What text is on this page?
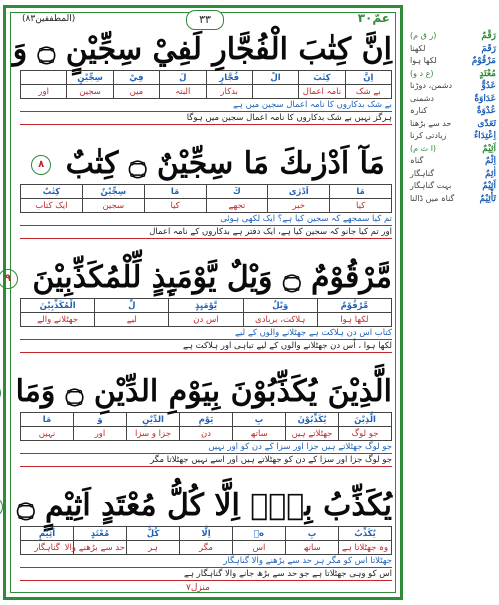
(المطففين٨٣)	٣٣	عمّ٣٠
اِنَّ كِتٰبَ الْفُجَّارِ لَفِيْ سِجِّيْنٍ ۝ وَ
اِنَّ	كِتٰبَ	الْ	فُجَّارِ	لَ	فِيْ	سِجِّيْنٍ	
بے شک	نامہ اعمال		بدکار	البتہ	میں	سجین	اور
بے شک بدکاروں کا نامہ اعمال سجین میں ہے
ہرگز نہیں بے شک بدکاروں کا نامہ اعمال سجین میں ہوگا
مَآ اَدْرٰىكَ مَا سِجِّيْنٌ ۝ كِتٰبٌ ٨
مَا	اَدْرٰى	كَ	مَا	سِجِّيْنٌ	كِتٰبٌ
کیا	خبر	تجھے	کیا	سجین	ایک کتاب
تم کیا سمجھے کہ سجین کیا ہے؟ ایک لکھی ہوئی
اور تم کیا جانو کہ سجین کیا ہے، ایک دفتر ہے بدکاروں کے نامہ اعمال
مَّرْقُوْمٌ ۝ وَيْلٌ يَّوْمَىِٕذٍ لِّلْمُكَذِّبِيْنَ ٩
مَّرْقُوْمٌ	وَيْلٌ	يَّوْمَىِٕذٍ	لِّ	الْمُكَذِّبِيْنَ
لکھا ہوا	ہلاکت، بربادی	اس دن	لیے	جھٹلانے والے
کتاب اس دن ہلاکت ہے جھٹلانے والوں کے لیے
لکھا ہوا ، اُس دن جھٹلانے والوں کے لیے تباہی اور ہلاکت ہے
الَّذِيْنَ يُكَذِّبُوْنَ بِيَوْمِ الدِّيْنِ ۝ وَمَا
الَّذِيْنَ	يُكَذِّبُوْنَ	بِ	يَوْمِ	الدِّيْنِ	وَ	مَا
جو لوگ	جھٹلاتے ہیں	ساتھ	دن	جزا و سزا	اور	نہیں
جو لوگ جھٹلاتے ہیں جزا اور سزا کے دن کو اور نہیں
جو لوگ جزا اور سزا کے دن کو جھٹلاتے ہیں اور اسے نہیں جھٹلاتا مگر
يُكَذِّبُ بِهٖٓ اِلَّا كُلُّ مُعْتَدٍ اَثِيْمٍ ۝
يُكَذِّبُ	بِ	هٖ	اِلَّا	كُلُّ	مُعْتَدٍ	اَثِيْمٍ
وہ جھٹلاتا ہے	ساتھ	اس	مگر	ہر	حد سے بڑھنے والا	گناہگار
جھٹلاتا اس کو مگر ہر حد سے بڑھنے والا گناہگار
اس کو وہی جھٹلاتا ہے جو حد سے بڑھ جانے والا گناہگار ہے
منزل٧
رَقْمٌ
(ر ق م)
رَقَمَ
لکھنا
مَرْقُوْمٌ
لکھا ہوا
مُعْتَدٍ
(ع د و)
عَدُوٌّ
دشمن، دوڑنا
عَدَاوَةٌ
دشمنی
عُدْوَةٌ
کنارہ
تَعَدّٰى
حد سے بڑھنا
اِعْتِدَاءٌ
زیادتی کرنا
اَثِيْمٌ
(ا ث م)
اِثْمٌ
گناہ
اٰثِمٌ
گناہگار
اَثِيْمٌ
بہت گناہگار
تَأْثِيْمٌ
گناہ میں ڈالنا
